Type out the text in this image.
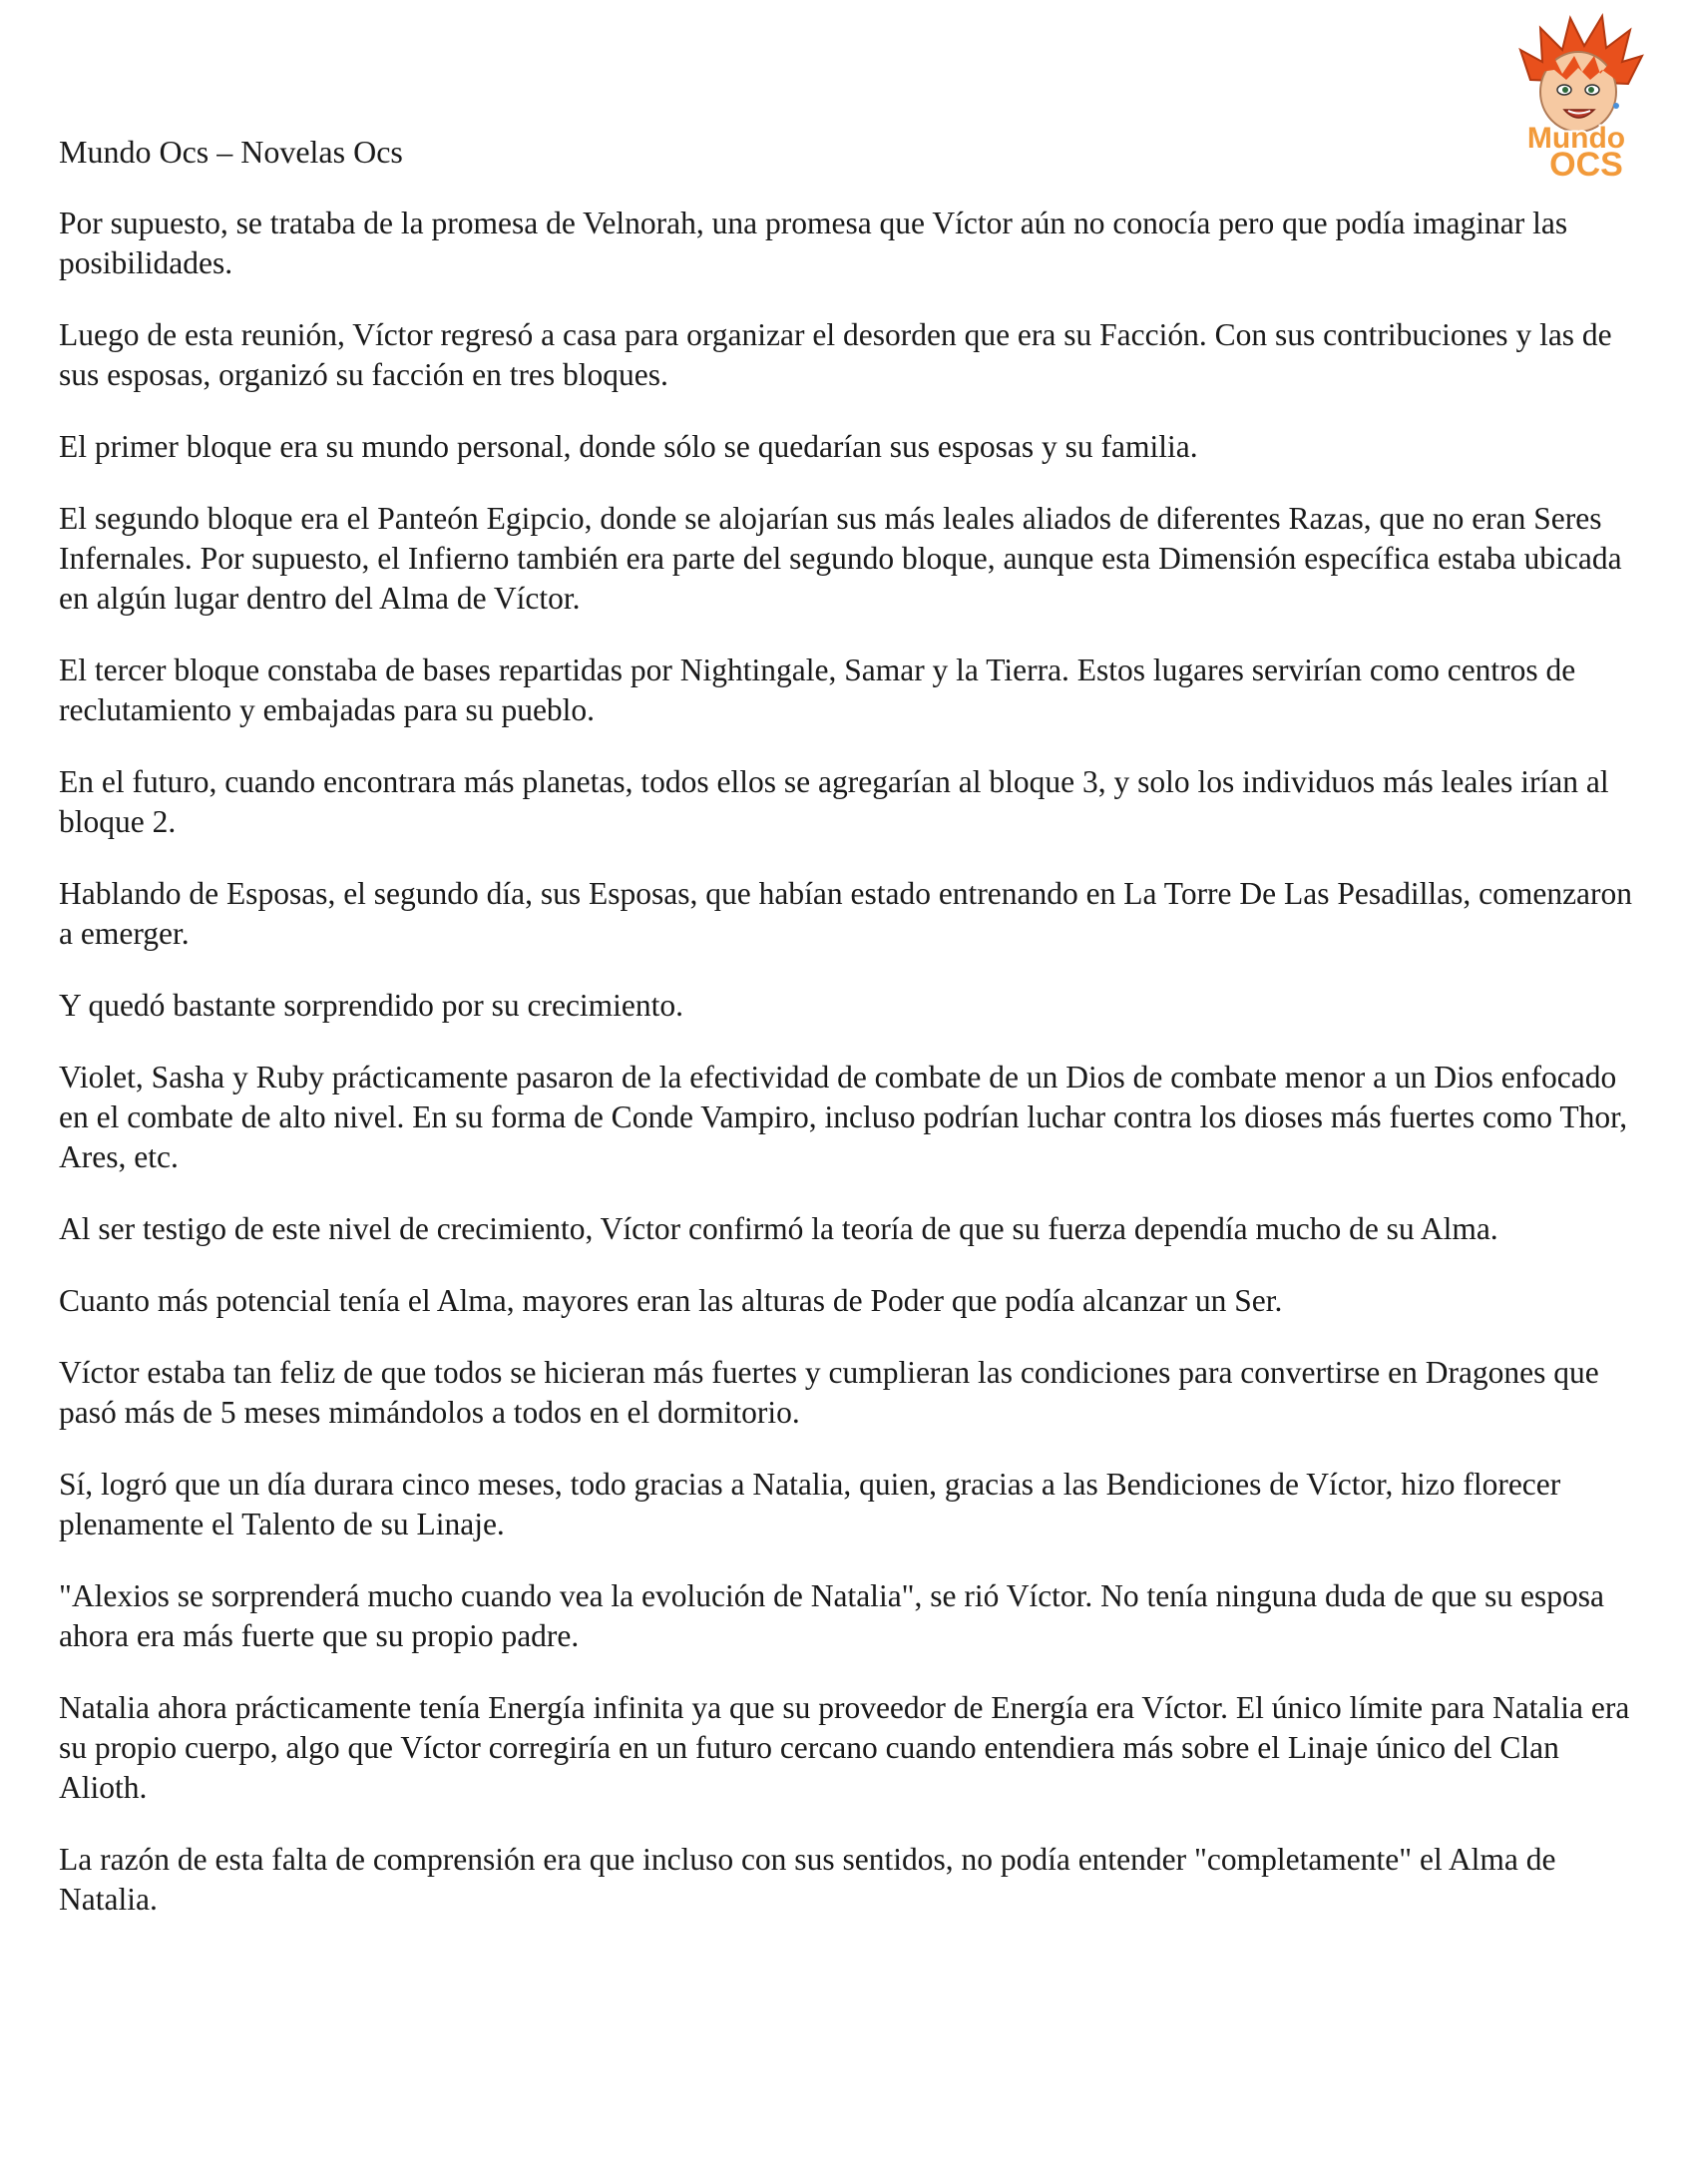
Mundo
OCS
Mundo Ocs – Novelas Ocs

Por supuesto, se trataba de la promesa de Velnorah, una promesa que Víctor aún no conocía pero que podía imaginar las posibilidades.

Luego de esta reunión, Víctor regresó a casa para organizar el desorden que era su Facción. Con sus contribuciones y las de sus esposas, organizó su facción en tres bloques.

El primer bloque era su mundo personal, donde sólo se quedarían sus esposas y su familia.

El segundo bloque era el Panteón Egipcio, donde se alojarían sus más leales aliados de diferentes Razas, que no eran Seres Infernales. Por supuesto, el Infierno también era parte del segundo bloque, aunque esta Dimensión específica estaba ubicada en algún lugar dentro del Alma de Víctor.

El tercer bloque constaba de bases repartidas por Nightingale, Samar y la Tierra. Estos lugares servirían como centros de reclutamiento y embajadas para su pueblo.

En el futuro, cuando encontrara más planetas, todos ellos se agregarían al bloque 3, y solo los individuos más leales irían al bloque 2.

Hablando de Esposas, el segundo día, sus Esposas, que habían estado entrenando en La Torre De Las Pesadillas, comenzaron a emerger.

Y quedó bastante sorprendido por su crecimiento.

Violet, Sasha y Ruby prácticamente pasaron de la efectividad de combate de un Dios de combate menor a un Dios enfocado en el combate de alto nivel. En su forma de Conde Vampiro, incluso podrían luchar contra los dioses más fuertes como Thor, Ares, etc.

Al ser testigo de este nivel de crecimiento, Víctor confirmó la teoría de que su fuerza dependía mucho de su Alma.

Cuanto más potencial tenía el Alma, mayores eran las alturas de Poder que podía alcanzar un Ser.

Víctor estaba tan feliz de que todos se hicieran más fuertes y cumplieran las condiciones para convertirse en Dragones que pasó más de 5 meses mimándolos a todos en el dormitorio.

Sí, logró que un día durara cinco meses, todo gracias a Natalia, quien, gracias a las Bendiciones de Víctor, hizo florecer plenamente el Talento de su Linaje.

"Alexios se sorprenderá mucho cuando vea la evolución de Natalia", se rió Víctor. No tenía ninguna duda de que su esposa ahora era más fuerte que su propio padre.

Natalia ahora prácticamente tenía Energía infinita ya que su proveedor de Energía era Víctor. El único límite para Natalia era su propio cuerpo, algo que Víctor corregiría en un futuro cercano cuando entendiera más sobre el Linaje único del Clan Alioth.

La razón de esta falta de comprensión era que incluso con sus sentidos, no podía entender "completamente" el Alma de Natalia.
